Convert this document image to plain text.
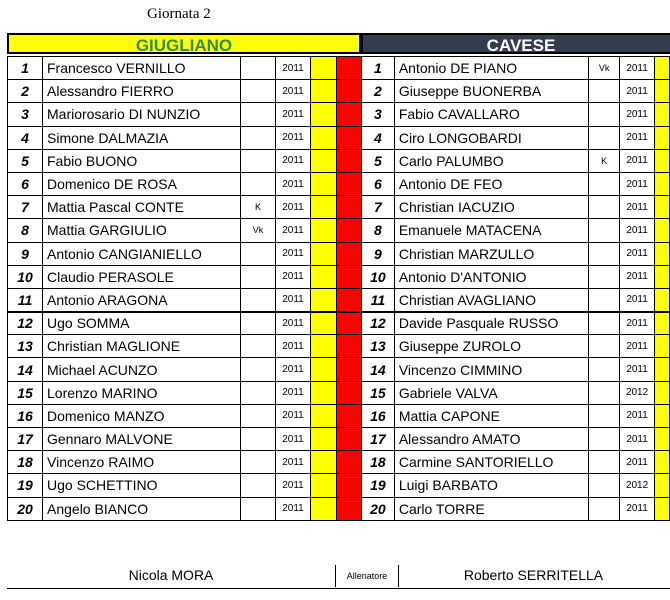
Giornata 2
GIUGLIANO	CAVESE
1	Francesco VERNILLO		2011		
2	Alessandro FIERRO		2011		
3	Mariorosario DI NUNZIO		2011		
4	Simone DALMAZIA		2011		
5	Fabio BUONO		2011		
6	Domenico DE ROSA		2011		
7	Mattia Pascal CONTE	K	2011		
8	Mattia GARGIULIO	Vk	2011		
9	Antonio CANGIANIELLO		2011		
10	Claudio PERASOLE		2011		
11	Antonio ARAGONA		2011		
12	Ugo SOMMA		2011		
13	Christian MAGLIONE		2011		
14	Michael ACUNZO		2011		
15	Lorenzo MARINO		2011		
16	Domenico MANZO		2011		
17	Gennaro MALVONE		2011		
18	Vincenzo RAIMO		2011		
19	Ugo SCHETTINO		2011		
20	Angelo BIANCO		2011		
1	Antonio DE PIANO	Vk	2011	
2	Giuseppe BUONERBA		2011	
3	Fabio CAVALLARO		2011	
4	Ciro LONGOBARDI		2011	
5	Carlo PALUMBO	K	2011	
6	Antonio DE FEO		2011	
7	Christian IACUZIO		2011	
8	Emanuele MATACENA		2011	
9	Christian MARZULLO		2011	
10	Antonio D'ANTONIO		2011	
11	Christian AVAGLIANO		2011	
12	Davide Pasquale RUSSO		2011	
13	Giuseppe ZUROLO		2011	
14	Vincenzo CIMMINO		2011	
15	Gabriele VALVA		2012	
16	Mattia CAPONE		2011	
17	Alessandro AMATO		2011	
18	Carmine SANTORIELLO		2011	
19	Luigi BARBATO		2012	
20	Carlo TORRE		2011	
Nicola MORA	Allenatore	Roberto SERRITELLA
